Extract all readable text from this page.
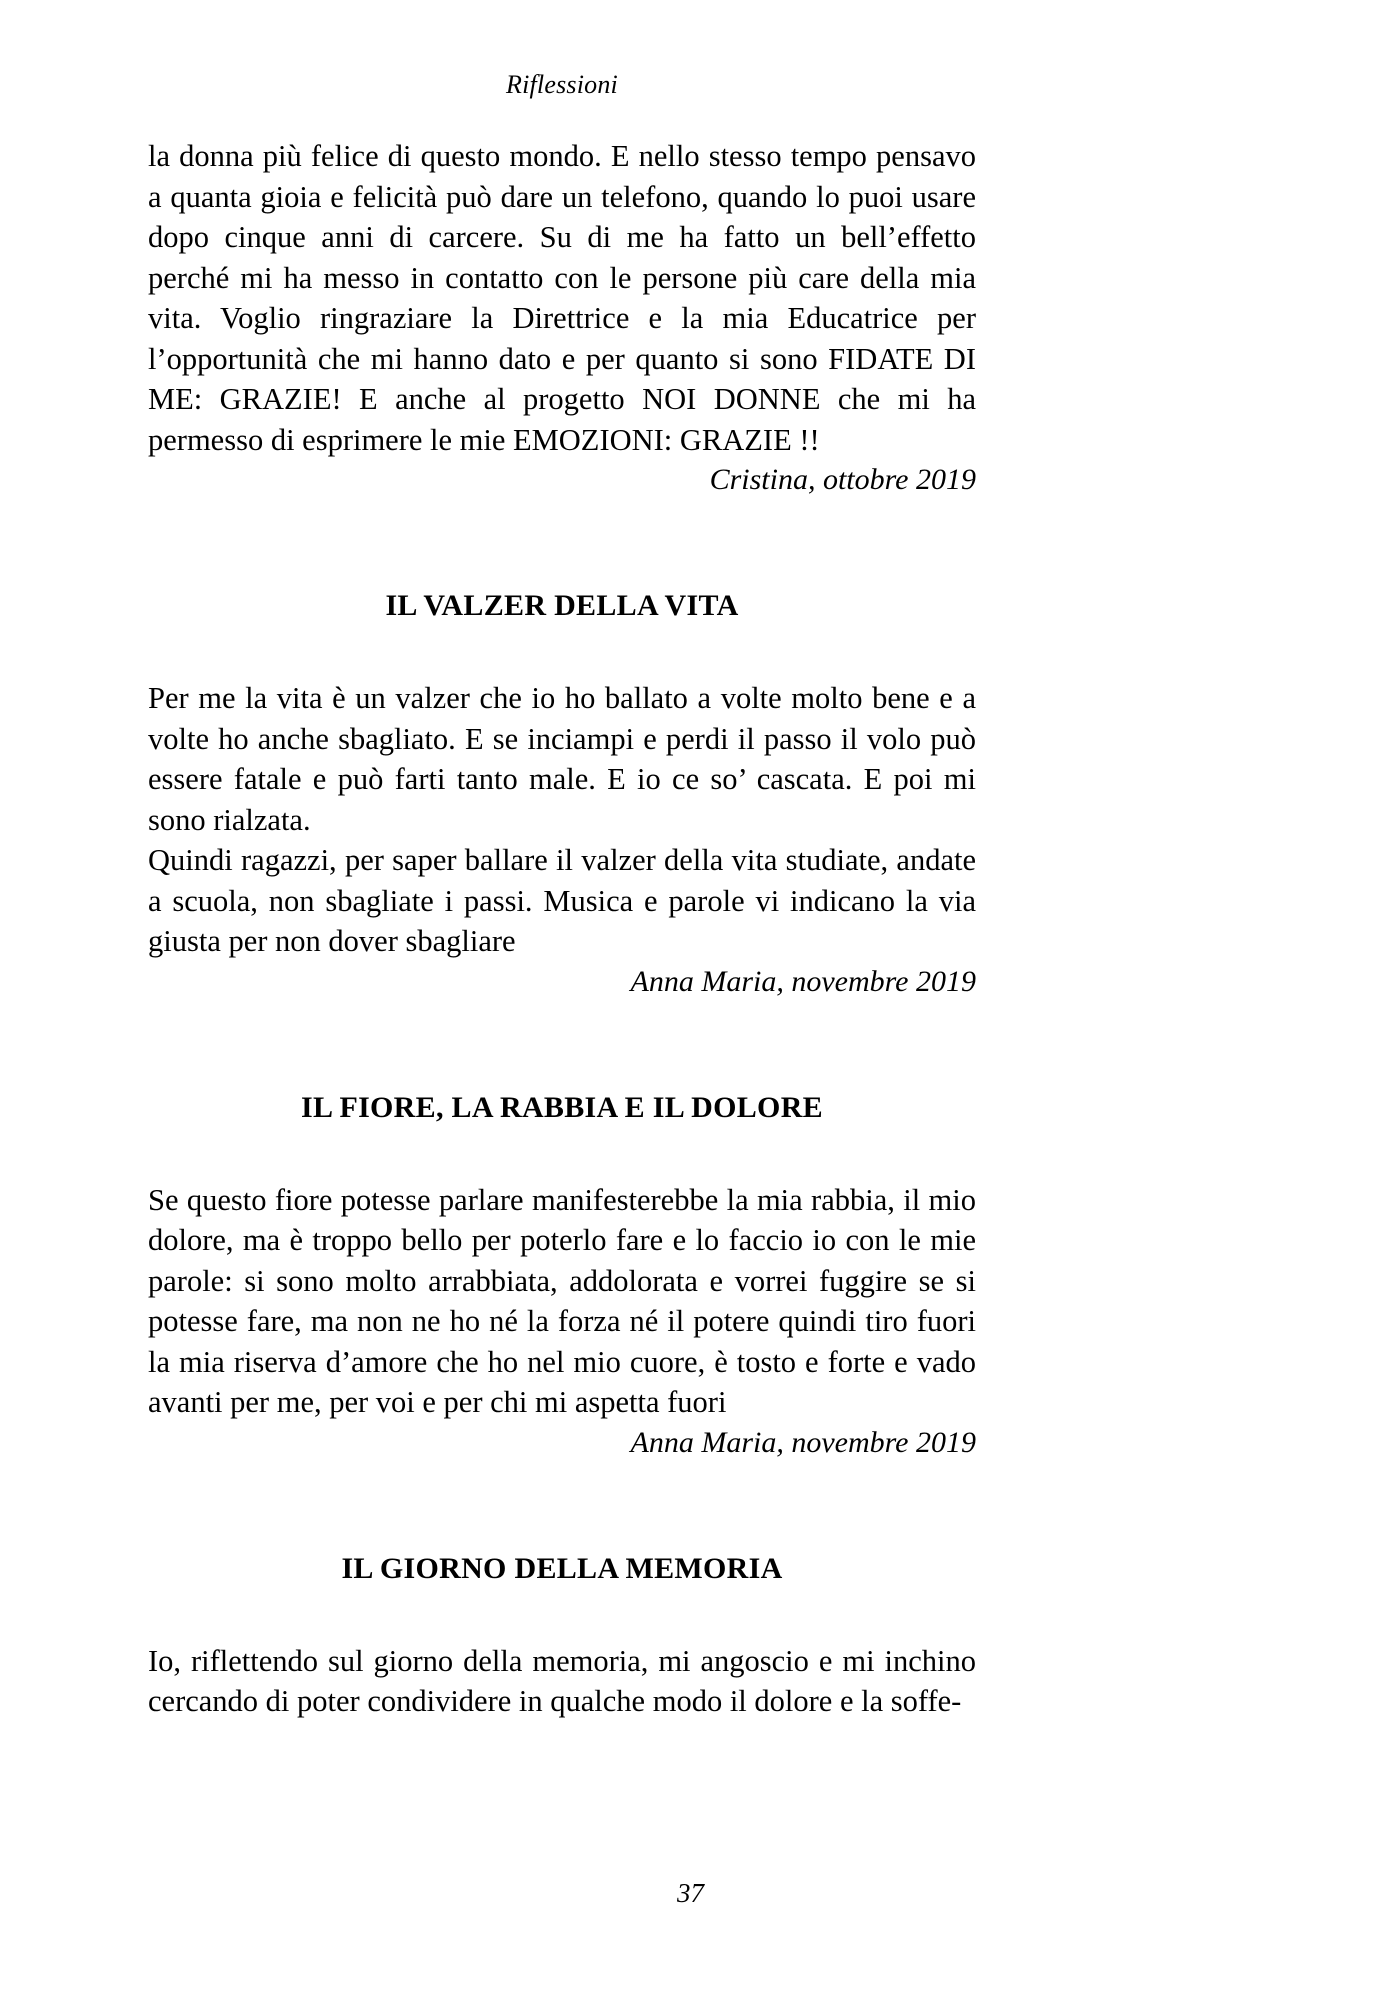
Riflessioni

la donna più felice di questo mondo. E nello stesso tempo pensavo a quanta gioia e felicità può dare un telefono, quando lo puoi usare dopo cinque anni di carcere. Su di me ha fatto un bell’effetto perché mi ha messo in contatto con le persone più care della mia vita. Voglio ringraziare la Direttrice e la mia Educatrice per l’opportunità che mi hanno dato e per quanto si sono FIDATE DI ME: GRAZIE! E anche al progetto NOI DONNE che mi ha permesso di esprimere le mie EMOZIONI: GRAZIE !!

Cristina, ottobre 2019

IL VALZER DELLA VITA

Per me la vita è un valzer che io ho ballato a volte molto bene e a volte ho anche sbagliato. E se inciampi e perdi il passo il volo può essere fatale e può farti tanto male. E io ce so’ cascata. E poi mi sono rialzata.

Quindi ragazzi, per saper ballare il valzer della vita studiate, andate a scuola, non sbagliate i passi. Musica e parole vi indicano la via giusta per non dover sbagliare

Anna Maria, novembre 2019

IL FIORE, LA RABBIA E IL DOLORE

Se questo fiore potesse parlare manifesterebbe la mia rabbia, il mio dolore, ma è troppo bello per poterlo fare e lo faccio io con le mie parole: si sono molto arrabbiata, addolorata e vorrei fuggire se si potesse fare, ma non ne ho né la forza né il potere quindi tiro fuori la mia riserva d’amore che ho nel mio cuore, è tosto e forte e vado avanti per me, per voi e per chi mi aspetta fuori

Anna Maria, novembre 2019

IL GIORNO DELLA MEMORIA

Io, riflettendo sul giorno della memoria, mi angoscio e mi inchino cercando di poter condividere in qualche modo il dolore e la soffe-

37
